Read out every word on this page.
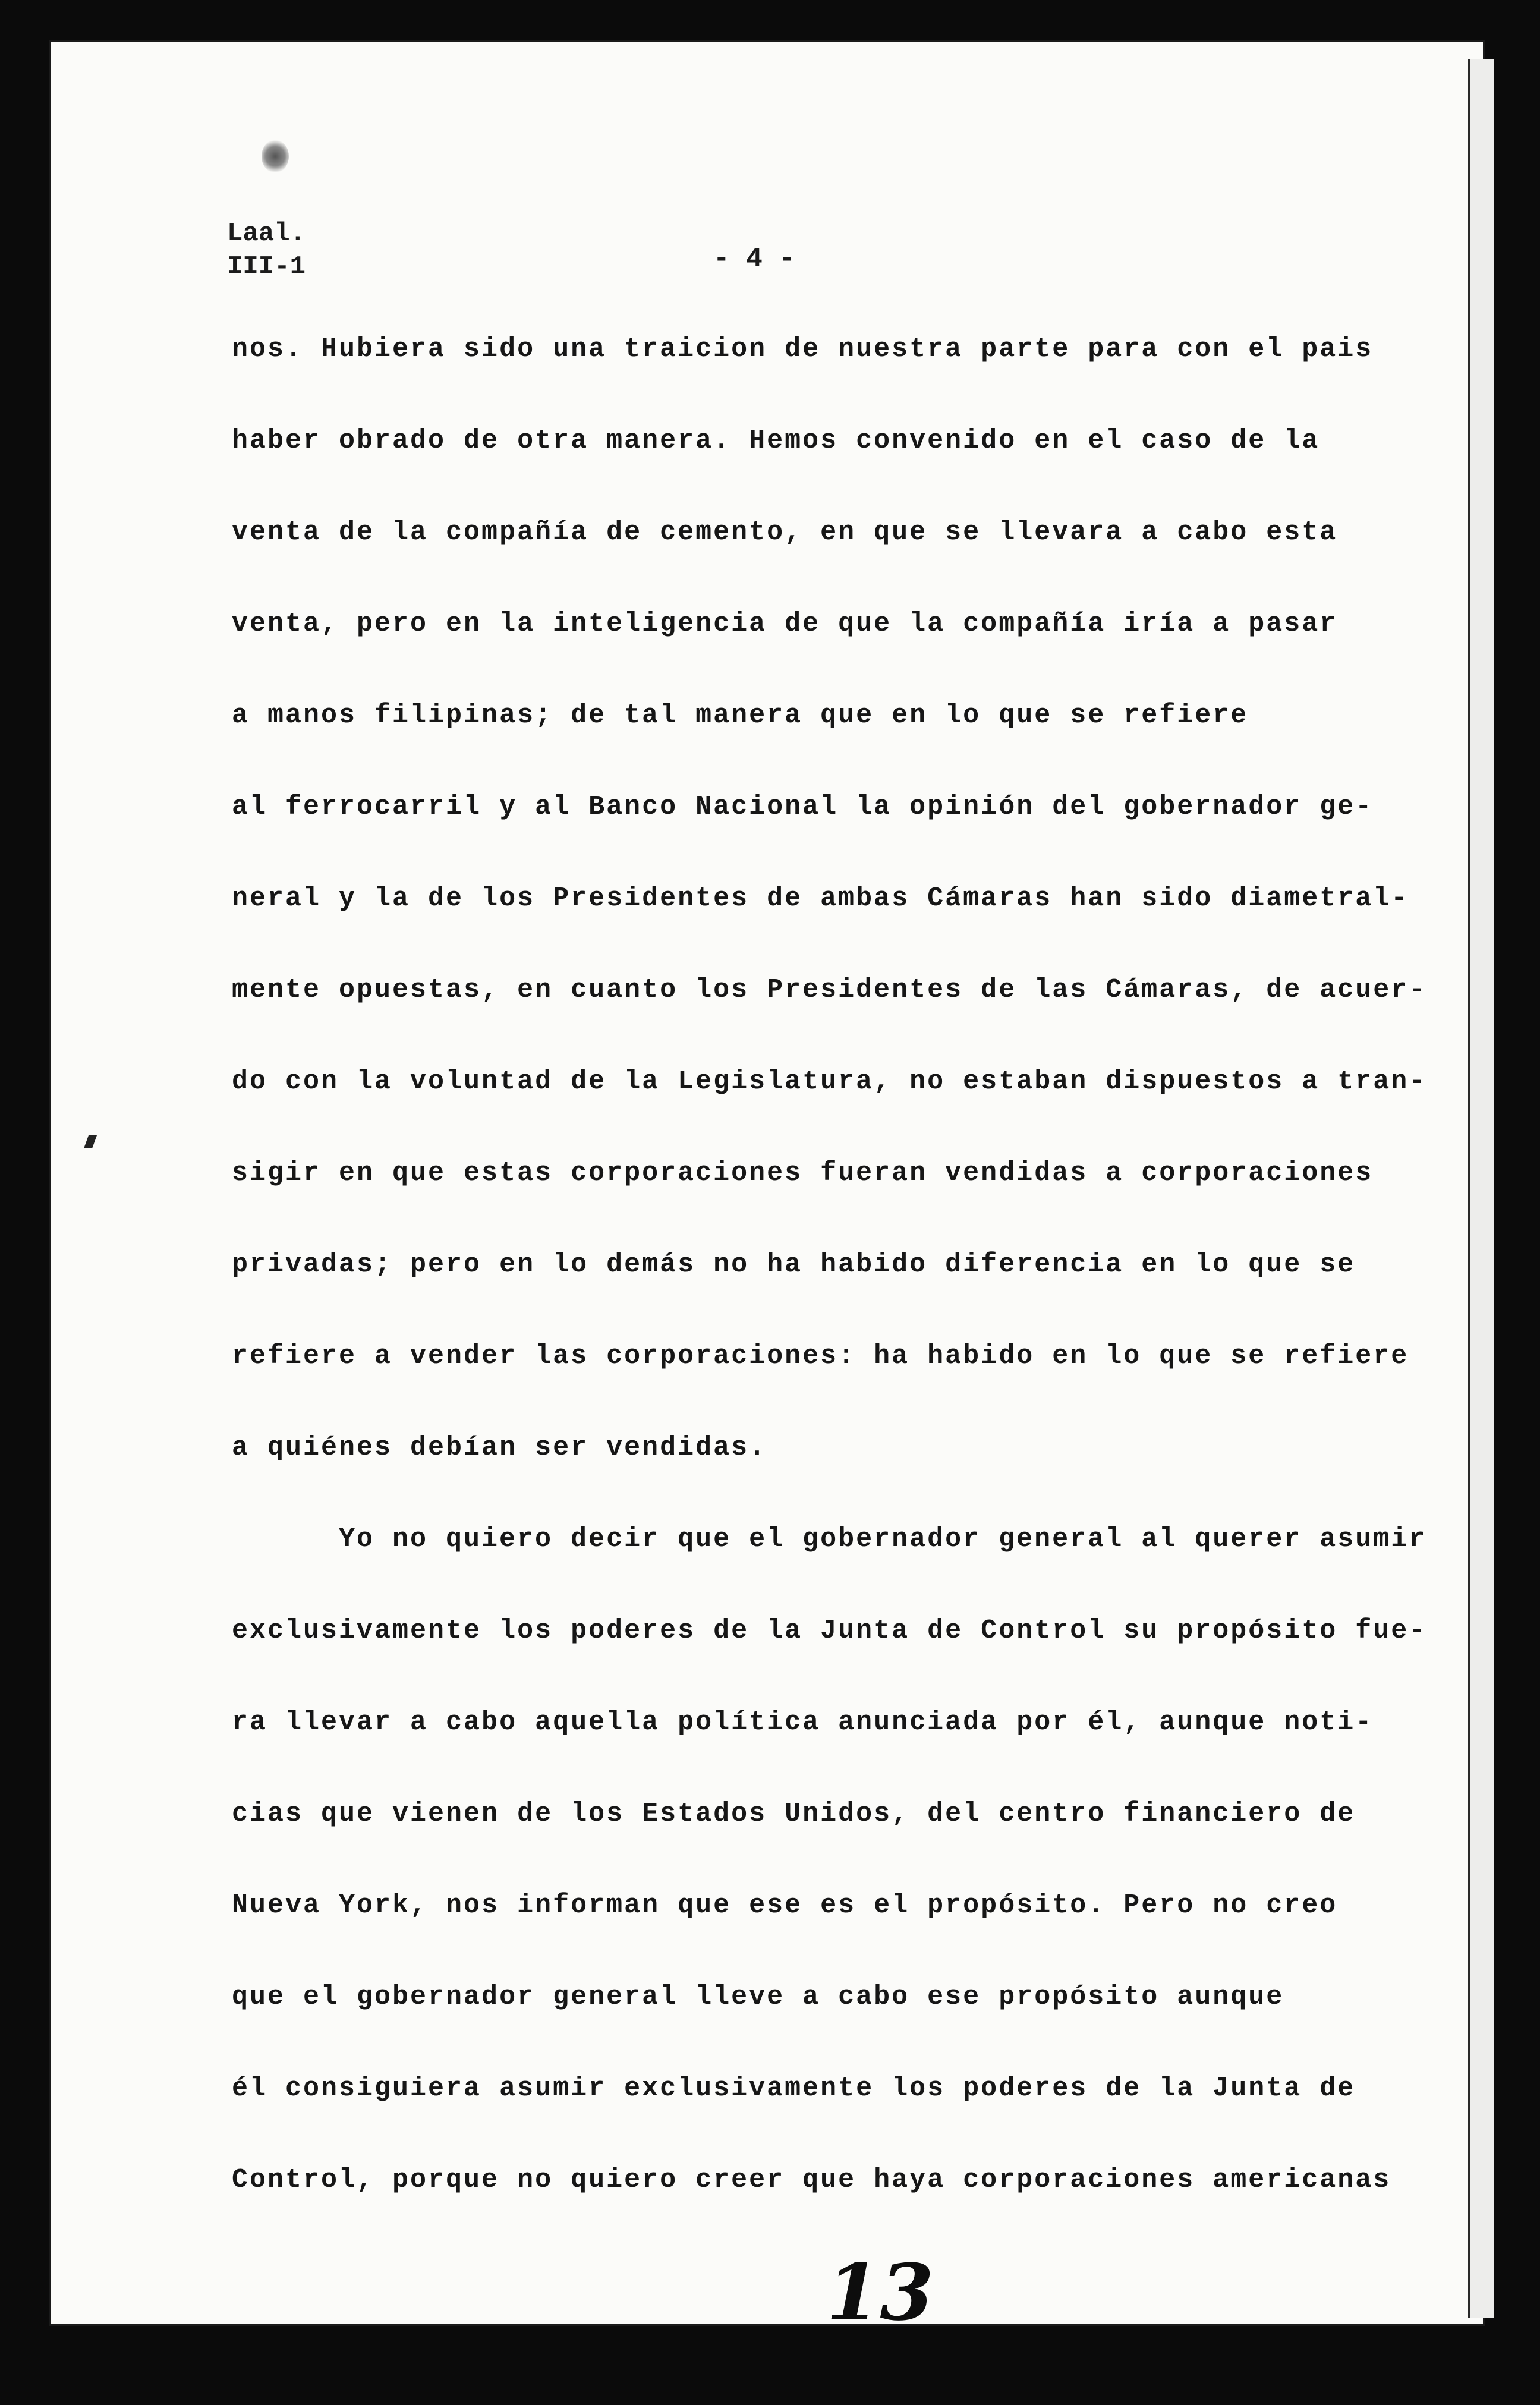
Laal.
III-1	- 4 -
nos. Hubiera sido una traicion de nuestra parte para con el pais
haber obrado de otra manera. Hemos convenido en el caso de la
venta de la compañía de cemento, en que se llevara a cabo esta
venta, pero en la inteligencia de que la compañía iría a pasar
a manos filipinas; de tal manera que en lo que se refiere
al ferrocarril y al Banco Nacional la opinión del gobernador ge-
neral y la de los Presidentes de ambas Cámaras han sido diametral-
mente opuestas, en cuanto los Presidentes de las Cámaras, de acuer-
do con la voluntad de la Legislatura, no estaban dispuestos a tran-
sigir en que estas corporaciones fueran vendidas a corporaciones
privadas; pero en lo demás no ha habido diferencia en lo que se
refiere a vender las corporaciones: ha habido en lo que se refiere
a quiénes debían ser vendidas.
Yo no quiero decir que el gobernador general al querer asumir
exclusivamente los poderes de la Junta de Control su propósito fue-
ra llevar a cabo aquella política anunciada por él, aunque noti-
cias que vienen de los Estados Unidos, del centro financiero de
Nueva York, nos informan que ese es el propósito. Pero no creo
que el gobernador general lleve a cabo ese propósito aunque
él consiguiera asumir exclusivamente los poderes de la Junta de
Control, porque no quiero creer que haya corporaciones americanas
13
